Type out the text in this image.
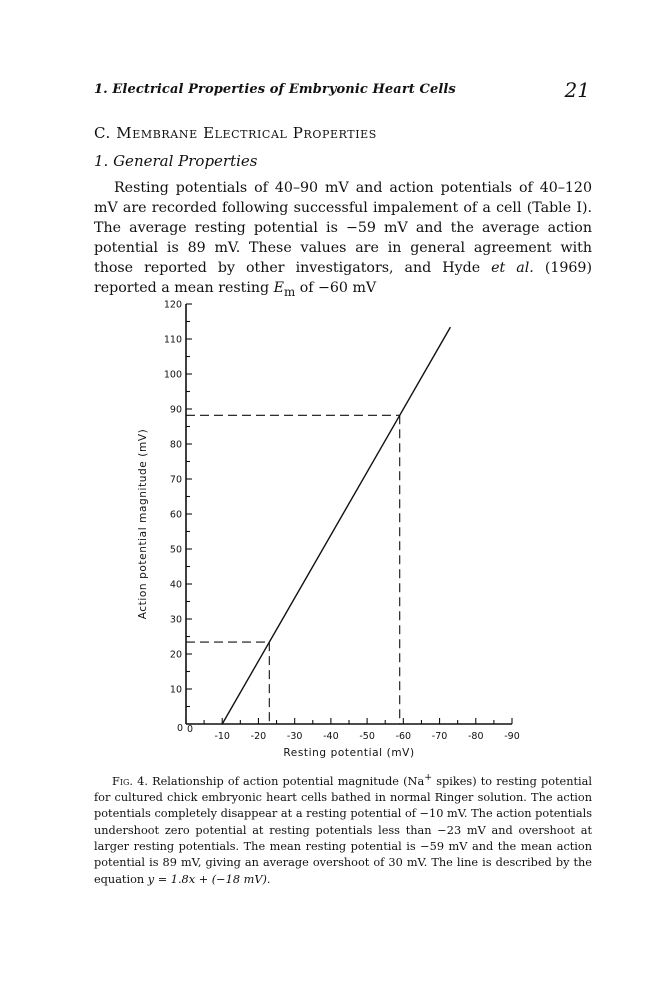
1. Electrical Properties of Embryonic Heart Cells	21
C. Membrane Electrical Properties
1. General Properties

Resting potentials of 40–90 mV and action potentials of 40–120 mV are recorded following successful impalement of a cell (Table I). The average resting potential is −59 mV and the average action potential is 89 mV. These values are in general agreement with those reported by other investigators, and Hyde et al. (1969) reported a mean resting $E_m$ of −60 mV

10
20
30
40
50
60
70
80
90
100
110
120
-10 -20 -30 -40 -50 -60 -70 -80 -90
0 0
Action potential magnitude (mV)
Resting potential (mV)

Fig. 4. Relationship of action potential magnitude (Na+ spikes) to resting potential for cultured chick embryonic heart cells bathed in normal Ringer solution. The action potentials completely disappear at a resting potential of −10 mV. The action potentials undershoot zero potential at resting potentials less than −23 mV and overshoot at larger resting potentials. The mean resting potential is −59 mV and the mean action potential is 89 mV, giving an average overshoot of 30 mV. The line is described by the equation y = 1.8x + (−18 mV).
